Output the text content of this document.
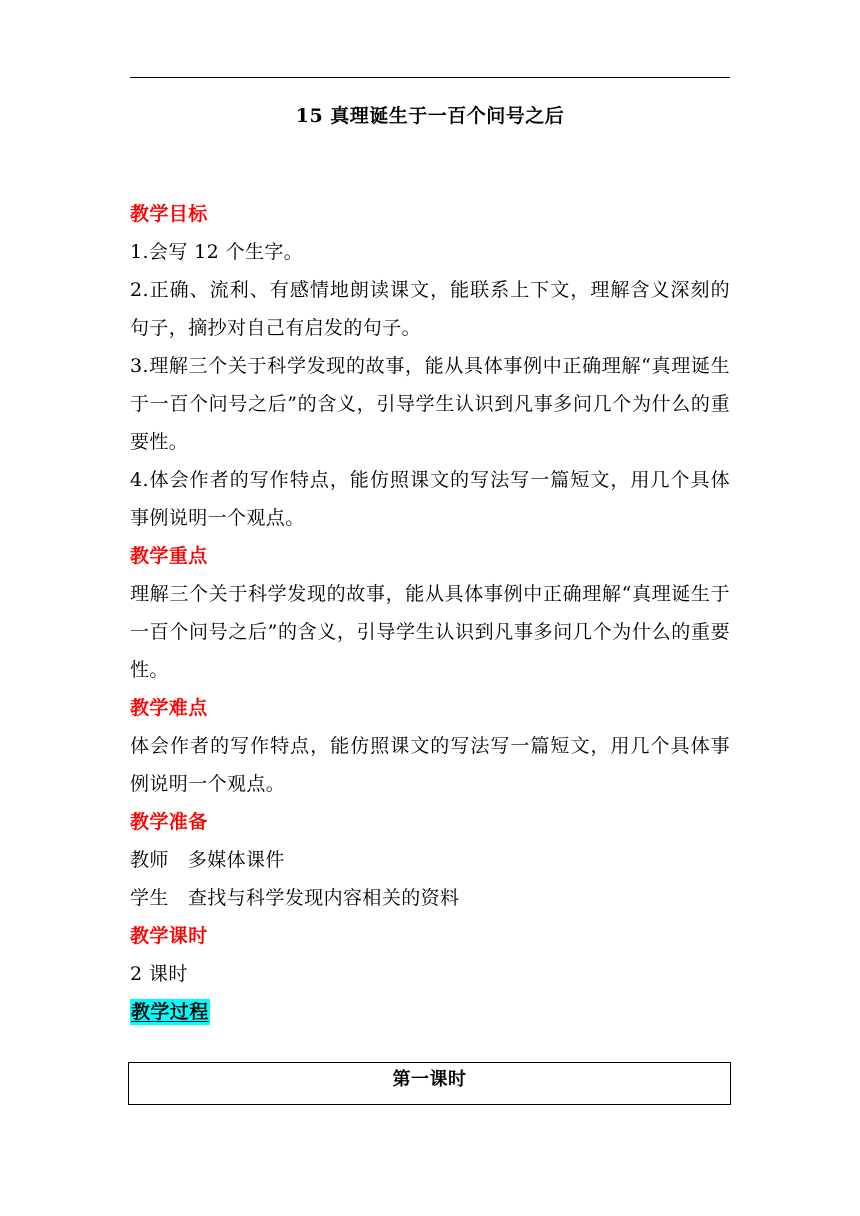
15 真理诞生于一百个问号之后

教学目标

1.会写 12 个生字。

2.正确、流利、有感情地朗读课文，能联系上下文，理解含义深刻的句子，摘抄对自己有启发的句子。

3.理解三个关于科学发现的故事，能从具体事例中正确理解“真理诞生于一百个问号之后”的含义，引导学生认识到凡事多问几个为什么的重要性。

4.体会作者的写作特点，能仿照课文的写法写一篇短文，用几个具体事例说明一个观点。

教学重点

理解三个关于科学发现的故事，能从具体事例中正确理解“真理诞生于一百个问号之后”的含义，引导学生认识到凡事多问几个为什么的重要性。

教学难点

体会作者的写作特点，能仿照课文的写法写一篇短文，用几个具体事例说明一个观点。

教学准备

教师 多媒体课件

学生 查找与科学发现内容相关的资料

教学课时

2 课时

教学过程

第一课时
